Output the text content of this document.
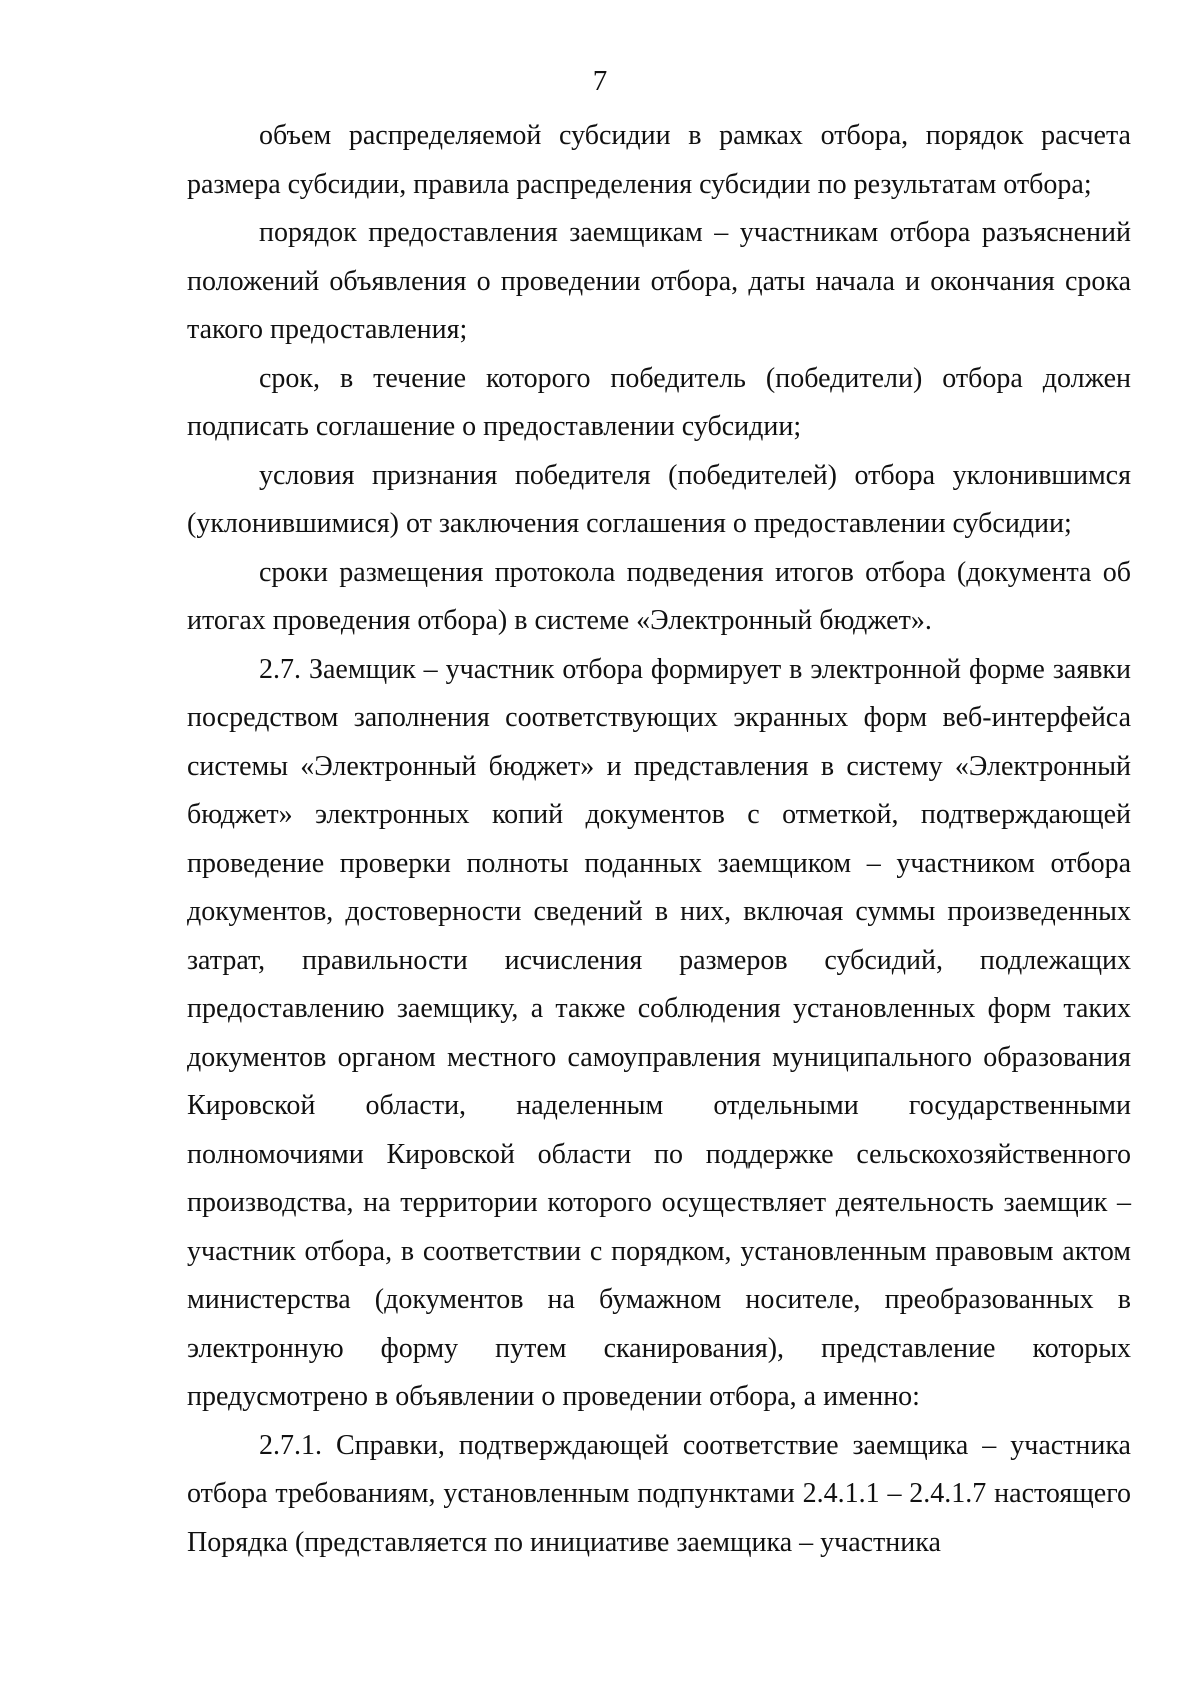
7

объем распределяемой субсидии в рамках отбора, порядок расчета размера субсидии, правила распределения субсидии по результатам отбора;

порядок предоставления заемщикам – участникам отбора разъяснений положений объявления о проведении отбора, даты начала и окончания срока такого предоставления;

срок, в течение которого победитель (победители) отбора должен подписать соглашение о предоставлении субсидии;

условия признания победителя (победителей) отбора уклонившимся (уклонившимися) от заключения соглашения о предоставлении субсидии;

сроки размещения протокола подведения итогов отбора (документа об итогах проведения отбора) в системе «Электронный бюджет».

2.7. Заемщик – участник отбора формирует в электронной форме заявки посредством заполнения соответствующих экранных форм веб-интерфейса системы «Электронный бюджет» и представления в систему «Электронный бюджет» электронных копий документов с отметкой, подтверждающей проведение проверки полноты поданных заемщиком – участником отбора документов, достоверности сведений в них, включая суммы произведенных затрат, правильности исчисления размеров субсидий, подлежащих предоставлению заемщику, а также соблюдения установленных форм таких документов органом местного самоуправления муниципального образования Кировской области, наделенным отдельными государственными полномочиями Кировской области по поддержке сельскохозяйственного производства, на территории которого осуществляет деятельность заемщик – участник отбора, в соответствии с порядком, установленным правовым актом министерства (документов на бумажном носителе, преобразованных в электронную форму путем сканирования), представление которых предусмотрено в объявлении о проведении отбора, а именно:

2.7.1. Справки, подтверждающей соответствие заемщика – участника отбора требованиям, установленным подпунктами 2.4.1.1 – 2.4.1.7 настоящего Порядка (представляется по инициативе заемщика – участника
